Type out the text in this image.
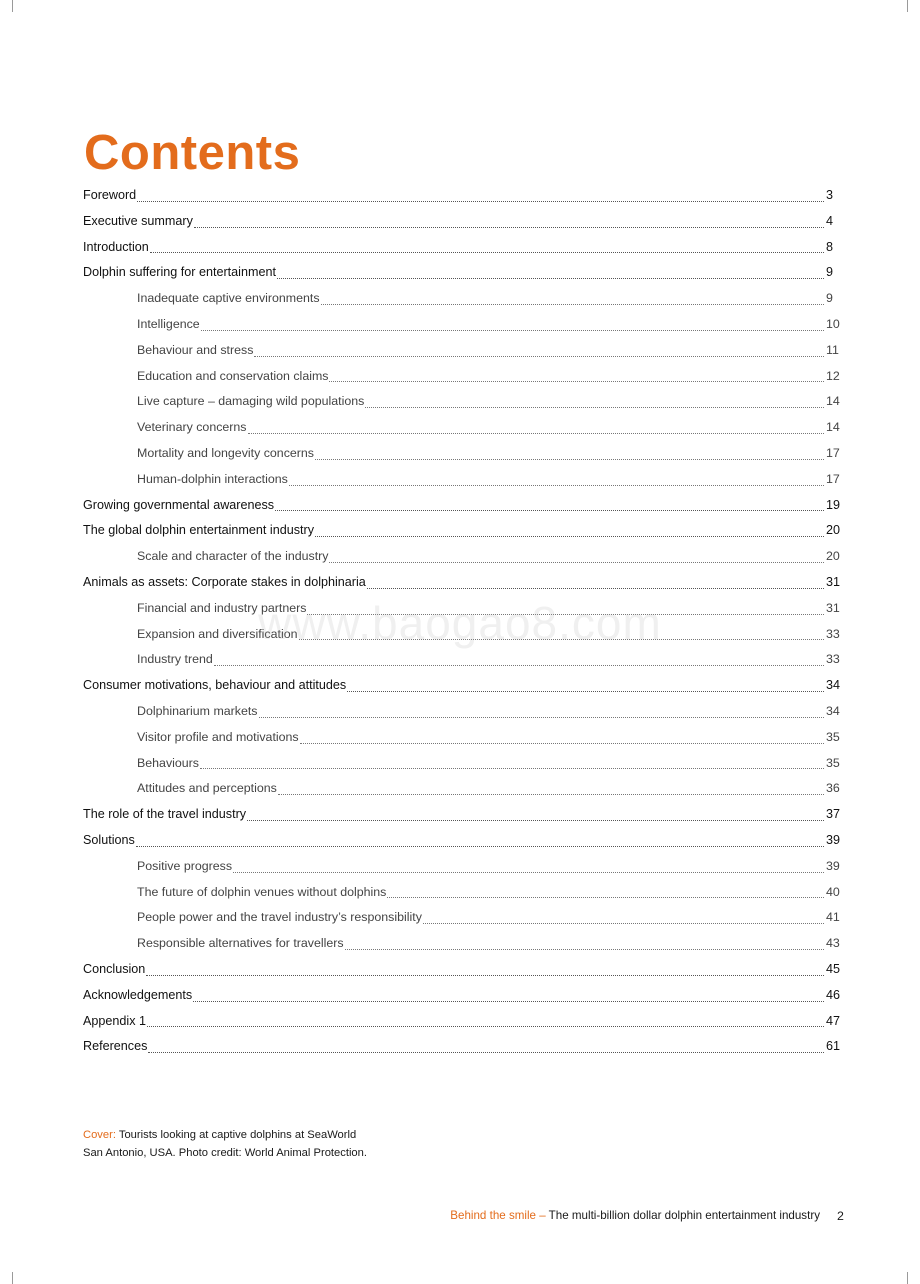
Contents
Foreword	3
Executive summary	4
Introduction	8
Dolphin suffering for entertainment	9
Inadequate captive environments	9
Intelligence	10
Behaviour and stress	11
Education and conservation claims	12
Live capture – damaging wild populations	14
Veterinary concerns	14
Mortality and longevity concerns	17
Human-dolphin interactions	17
Growing governmental awareness	19
The global dolphin entertainment industry	20
Scale and character of the industry	20
Animals as assets: Corporate stakes in dolphinaria	31
Financial and industry partners	31
Expansion and diversification	33
Industry trend	33
Consumer motivations, behaviour and attitudes	34
Dolphinarium markets	34
Visitor profile and motivations	35
Behaviours	35
Attitudes and perceptions	36
The role of the travel industry	37
Solutions	39
Positive progress	39
The future of dolphin venues without dolphins	40
People power and the travel industry’s responsibility	41
Responsible alternatives for travellers	43
Conclusion	45
Acknowledgements	46
Appendix 1	47
References	61
www.baogao8.com
Cover: Tourists looking at captive dolphins at SeaWorld
San Antonio, USA. Photo credit: World Animal Protection.
Behind the smile – The multi-billion dollar dolphin entertainment industry 2
